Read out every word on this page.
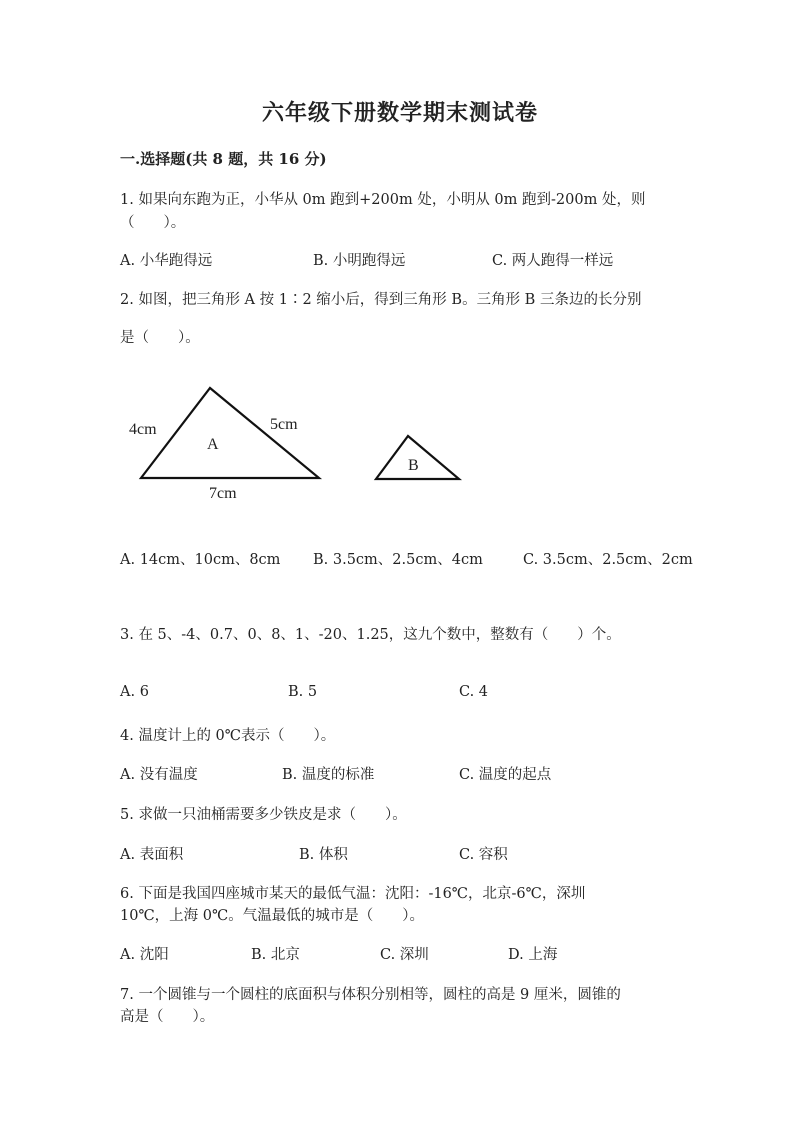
六年级下册数学期末测试卷
一.选择题(共 8 题，共 16 分)
1. 如果向东跑为正，小华从 0m 跑到+200m 处，小明从 0m 跑到-200m 处，则
（　　）。
A. 小华跑得远	B. 小明跑得远	C. 两人跑得一样远
2. 如图，把三角形 A 按 1∶2 缩小后，得到三角形 B。三角形 B 三条边的长分别
是（　　）。
4cm	5cm
A
7cm
B
A. 14cm、10cm、8cm B. 3.5cm、2.5cm、4cm	C. 3.5cm、2.5cm、2cm
3. 在 5、-4、0.7、0、8、1、-20、1.25，这九个数中，整数有（　　）个。
A. 6	B. 5	C. 4
4. 温度计上的 0℃表示（　　）。
A. 没有温度	B. 温度的标准	C. 温度的起点
5. 求做一只油桶需要多少铁皮是求（　　）。
A. 表面积	B. 体积	C. 容积
6. 下面是我国四座城市某天的最低气温：沈阳：-16℃，北京-6℃，深圳
10℃，上海 0℃。气温最低的城市是（　　）。
A. 沈阳	B. 北京	C. 深圳	D. 上海
7. 一个圆锥与一个圆柱的底面积与体积分别相等，圆柱的高是 9 厘米，圆锥的
高是（　　）。
